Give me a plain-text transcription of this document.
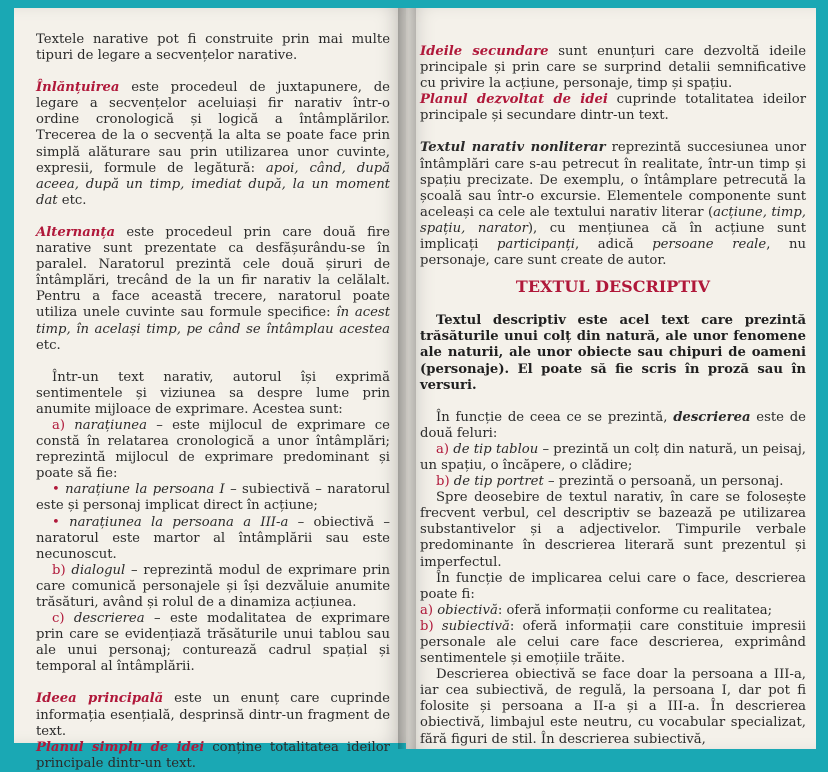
Textele narative pot fi construite prin mai multe tipuri de legare a secvențelor narative.

Înlănțuirea este procedeul de juxtapunere, de legare a secvențelor aceluiași fir narativ într-o ordine cronologică și logică a întâmplărilor. Trecerea de la o secvență la alta se poate face prin simplă alăturare sau prin utilizarea unor cuvinte, expresii, formule de legătură: apoi, când, după aceea, după un timp, imediat după, la un moment dat etc.

Alternanța este procedeul prin care două fire narative sunt prezentate ca desfășurându-se în paralel. Naratorul prezintă cele două șiruri de întâmplări, trecând de la un fir narativ la celălalt. Pentru a face această trecere, naratorul poate utiliza unele cuvinte sau formule specifice: în acest timp, în același timp, pe când se întâmplau acestea etc.

Într-un text narativ, autorul își exprimă sentimentele și viziunea sa despre lume prin anumite mijloace de exprimare. Acestea sunt:

a) narațiunea – este mijlocul de exprimare ce constă în relatarea cronologică a unor întâmplări; reprezintă mijlocul de exprimare predominant și poate să fie:

• narațiune la persoana I – subiectivă – naratorul este și personaj implicat direct în acțiune;

• narațiunea la persoana a III-a – obiectivă – naratorul este martor al întâmplării sau este necunoscut.

b) dialogul – reprezintă modul de exprimare prin care comunică personajele și își dezvăluie anumite trăsături, având și rolul de a dinamiza acțiunea.

c) descrierea – este modalitatea de exprimare prin care se evidențiază trăsăturile unui tablou sau ale unui personaj; conturează cadrul spațial și temporal al întâmplării.

Ideea principală este un enunț care cuprinde informația esențială, desprinsă dintr-un fragment de text.

Planul simplu de idei conține totalitatea ideilor principale dintr-un text.

Ideile secundare sunt enunțuri care dezvoltă ideile principale și prin care se surprind detalii semnificative cu privire la acțiune, personaje, timp și spațiu.

Planul dezvoltat de idei cuprinde totalitatea ideilor principale și secundare dintr-un text.

Textul narativ nonliterar reprezintă succesiunea unor întâmplări care s-au petrecut în realitate, într-un timp și spațiu precizate. De exemplu, o întâmplare petrecută la școală sau într-o excursie. Elementele componente sunt aceleași ca cele ale textului narativ literar (acțiune, timp, spațiu, narator), cu mențiunea că în acțiune sunt implicați participanți, adică persoane reale, nu personaje, care sunt create de autor.

TEXTUL DESCRIPTIV

Textul descriptiv este acel text care prezintă trăsăturile unui colț din natură, ale unor fenomene ale naturii, ale unor obiecte sau chipuri de oameni (personaje). El poate să fie scris în proză sau în versuri.

În funcție de ceea ce se prezintă, descrierea este de două feluri:

a) de tip tablou – prezintă un colț din natură, un peisaj, un spațiu, o încăpere, o clădire;

b) de tip portret – prezintă o persoană, un personaj.

Spre deosebire de textul narativ, în care se folosește frecvent verbul, cel descriptiv se bazează pe utilizarea substantivelor și a adjectivelor. Timpurile verbale predominante în descrierea literară sunt prezentul și imperfectul.

În funcție de implicarea celui care o face, descrierea poate fi:

a) obiectivă: oferă informații conforme cu realitatea;

b) subiectivă: oferă informații care constituie impresii personale ale celui care face descrierea, exprimând sentimentele și emoțiile trăite.

Descrierea obiectivă se face doar la persoana a III-a, iar cea subiectivă, de regulă, la persoana I, dar pot fi folosite și persoana a II-a și a III-a. În descrierea obiectivă, limbajul este neutru, cu vocabular specializat, fără figuri de stil. În descrierea subiectivă,
